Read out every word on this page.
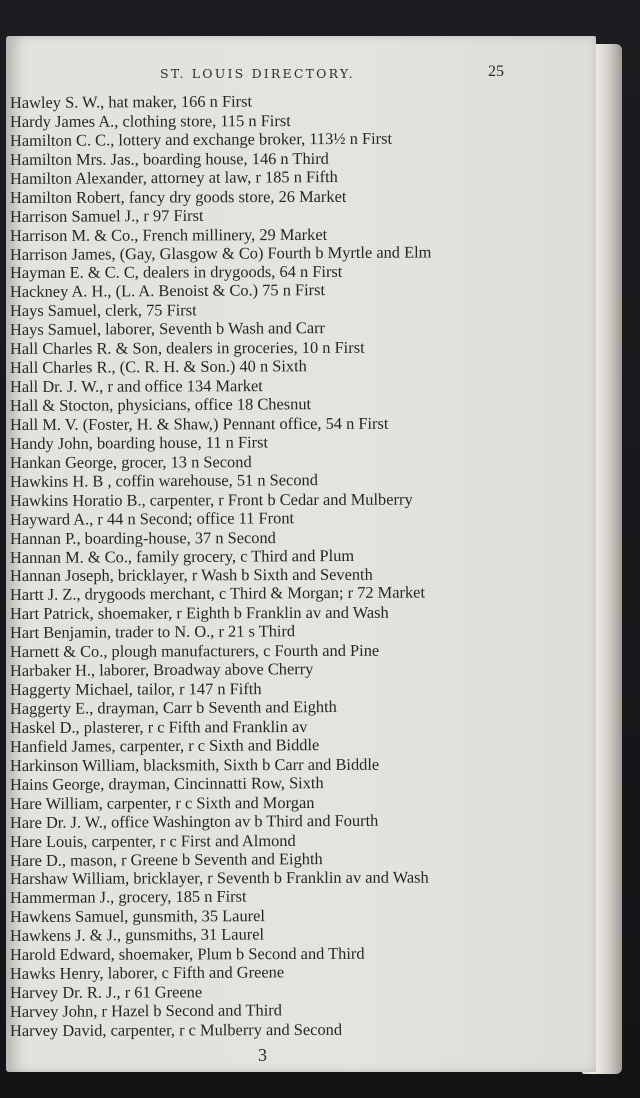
ST. LOUIS DIRECTORY.	25
Hawley S. W., hat maker, 166 n First
Hardy James A., clothing store, 115 n First
Hamilton C. C., lottery and exchange broker, 113½ n First
Hamilton Mrs. Jas., boarding house, 146 n Third
Hamilton Alexander, attorney at law, r 185 n Fifth
Hamilton Robert, fancy dry goods store, 26 Market
Harrison Samuel J., r 97 First
Harrison M. & Co., French millinery, 29 Market
Harrison James, (Gay, Glasgow & Co) Fourth b Myrtle and Elm
Hayman E. & C. C, dealers in drygoods, 64 n First
Hackney A. H., (L. A. Benoist & Co.) 75 n First
Hays Samuel, clerk, 75 First
Hays Samuel, laborer, Seventh b Wash and Carr
Hall Charles R. & Son, dealers in groceries, 10 n First
Hall Charles R., (C. R. H. & Son.) 40 n Sixth
Hall Dr. J. W., r and office 134 Market
Hall & Stocton, physicians, office 18 Chesnut
Hall M. V. (Foster, H. & Shaw,) Pennant office, 54 n First
Handy John, boarding house, 11 n First
Hankan George, grocer, 13 n Second
Hawkins H. B , coffin warehouse, 51 n Second
Hawkins Horatio B., carpenter, r Front b Cedar and Mulberry
Hayward A., r 44 n Second; office 11 Front
Hannan P., boarding-house, 37 n Second
Hannan M. & Co., family grocery, c Third and Plum
Hannan Joseph, bricklayer, r Wash b Sixth and Seventh
Hartt J. Z., drygoods merchant, c Third & Morgan; r 72 Market
Hart Patrick, shoemaker, r Eighth b Franklin av and Wash
Hart Benjamin, trader to N. O., r 21 s Third
Harnett & Co., plough manufacturers, c Fourth and Pine
Harbaker H., laborer, Broadway above Cherry
Haggerty Michael, tailor, r 147 n Fifth
Haggerty E., drayman, Carr b Seventh and Eighth
Haskel D., plasterer, r c Fifth and Franklin av
Hanfield James, carpenter, r c Sixth and Biddle
Harkinson William, blacksmith, Sixth b Carr and Biddle
Hains George, drayman, Cincinnatti Row, Sixth
Hare William, carpenter, r c Sixth and Morgan
Hare Dr. J. W., office Washington av b Third and Fourth
Hare Louis, carpenter, r c First and Almond
Hare D., mason, r Greene b Seventh and Eighth
Harshaw William, bricklayer, r Seventh b Franklin av and Wash
Hammerman J., grocery, 185 n First
Hawkens Samuel, gunsmith, 35 Laurel
Hawkens J. & J., gunsmiths, 31 Laurel
Harold Edward, shoemaker, Plum b Second and Third
Hawks Henry, laborer, c Fifth and Greene
Harvey Dr. R. J., r 61 Greene
Harvey John, r Hazel b Second and Third
Harvey David, carpenter, r c Mulberry and Second
3
